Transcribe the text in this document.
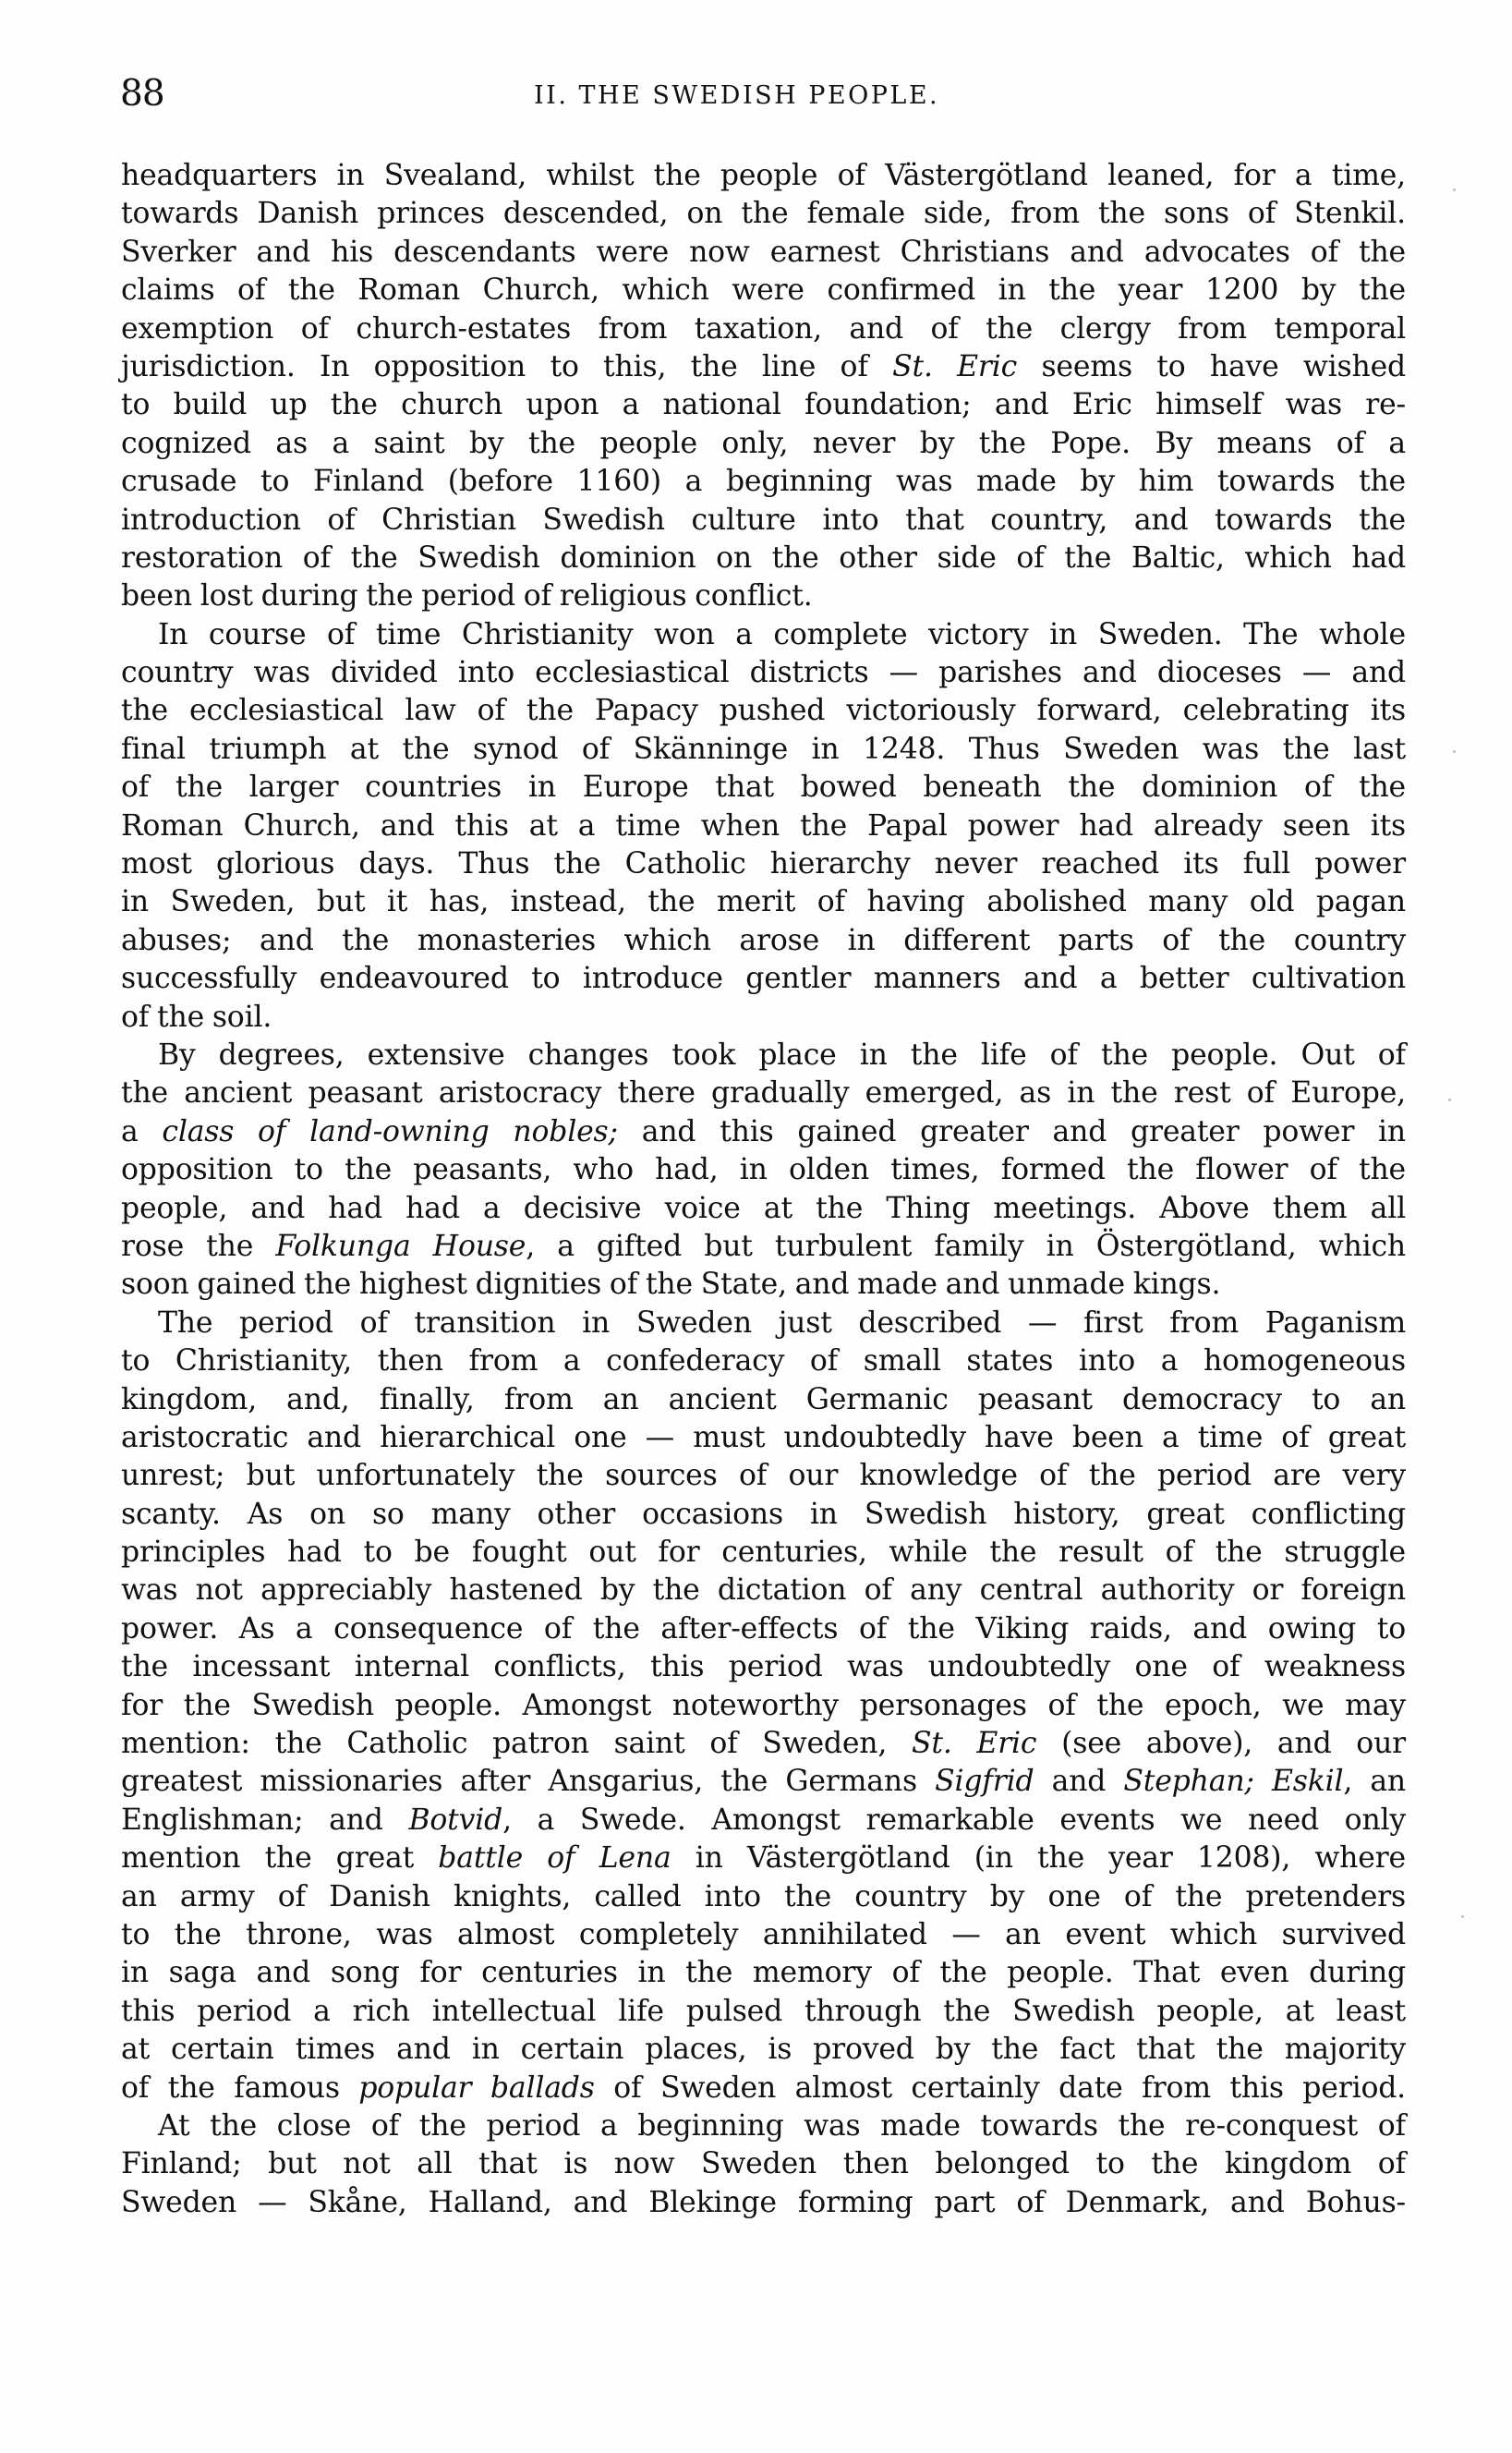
88	II. THE SWEDISH PEOPLE.
headquarters in Svealand, whilst the people of Västergötland leaned, for a time,
towards Danish princes descended, on the female side, from the sons of Stenkil.
Sverker and his descendants were now earnest Christians and advocates of the
claims of the Roman Church, which were confirmed in the year 1200 by the
exemption of church-estates from taxation, and of the clergy from temporal
jurisdiction. In opposition to this, the line of St. Eric seems to have wished
to build up the church upon a national foundation; and Eric himself was re-
cognized as a saint by the people only, never by the Pope. By means of a
crusade to Finland (before 1160) a beginning was made by him towards the
introduction of Christian Swedish culture into that country, and towards the
restoration of the Swedish dominion on the other side of the Baltic, which had
been lost during the period of religious conflict.
In course of time Christianity won a complete victory in Sweden. The whole
country was divided into ecclesiastical districts — parishes and dioceses — and
the ecclesiastical law of the Papacy pushed victoriously forward, celebrating its
final triumph at the synod of Skänninge in 1248. Thus Sweden was the last
of the larger countries in Europe that bowed beneath the dominion of the
Roman Church, and this at a time when the Papal power had already seen its
most glorious days. Thus the Catholic hierarchy never reached its full power
in Sweden, but it has, instead, the merit of having abolished many old pagan
abuses; and the monasteries which arose in different parts of the country
successfully endeavoured to introduce gentler manners and a better cultivation
of the soil.
By degrees, extensive changes took place in the life of the people. Out of
the ancient peasant aristocracy there gradually emerged, as in the rest of Europe,
a class of land-owning nobles; and this gained greater and greater power in
opposition to the peasants, who had, in olden times, formed the flower of the
people, and had had a decisive voice at the Thing meetings. Above them all
rose the Folkunga House, a gifted but turbulent family in Östergötland, which
soon gained the highest dignities of the State, and made and unmade kings.
The period of transition in Sweden just described — first from Paganism
to Christianity, then from a confederacy of small states into a homogeneous
kingdom, and, finally, from an ancient Germanic peasant democracy to an
aristocratic and hierarchical one — must undoubtedly have been a time of great
unrest; but unfortunately the sources of our knowledge of the period are very
scanty. As on so many other occasions in Swedish history, great conflicting
principles had to be fought out for centuries, while the result of the struggle
was not appreciably hastened by the dictation of any central authority or foreign
power. As a consequence of the after-effects of the Viking raids, and owing to
the incessant internal conflicts, this period was undoubtedly one of weakness
for the Swedish people. Amongst noteworthy personages of the epoch, we may
mention: the Catholic patron saint of Sweden, St. Eric (see above), and our
greatest missionaries after Ansgarius, the Germans Sigfrid and Stephan; Eskil, an
Englishman; and Botvid, a Swede. Amongst remarkable events we need only
mention the great battle of Lena in Västergötland (in the year 1208), where
an army of Danish knights, called into the country by one of the pretenders
to the throne, was almost completely annihilated — an event which survived
in saga and song for centuries in the memory of the people. That even during
this period a rich intellectual life pulsed through the Swedish people, at least
at certain times and in certain places, is proved by the fact that the majority
of the famous popular ballads of Sweden almost certainly date from this period.
At the close of the period a beginning was made towards the re-conquest of
Finland; but not all that is now Sweden then belonged to the kingdom of
Sweden — Skåne, Halland, and Blekinge forming part of Denmark, and Bohus-
